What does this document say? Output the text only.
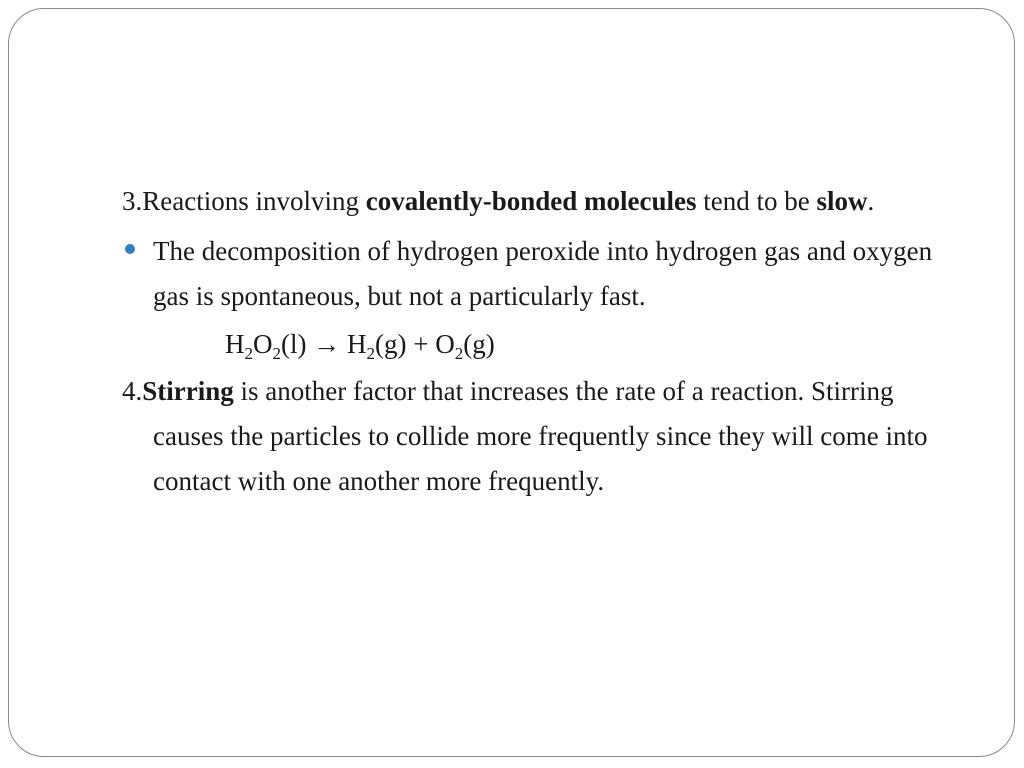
3.Reactions involving covalently-bonded molecules tend to be slow.

The decomposition of hydrogen peroxide into hydrogen gas and oxygen gas is spontaneous, but not a particularly fast.

$H_2O_2(l) \to H_2(g) + O_2(g)$

4.Stirring is another factor that increases the rate of a reaction. Stirring causes the particles to collide more frequently since they will come into contact with one another more frequently.
